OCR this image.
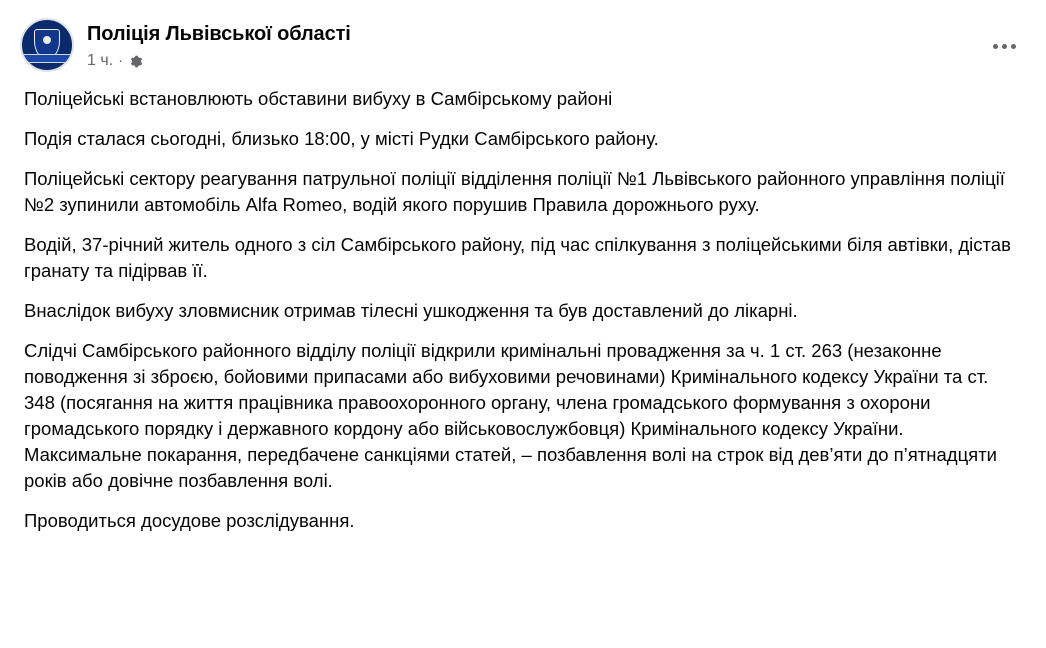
Поліція Львівської області
1 ч. ·

Поліцейські встановлюють обставини вибуху в Самбірському районі

Подія сталася сьогодні, близько 18:00, у місті Рудки Самбірського району.

Поліцейські сектору реагування патрульної поліції відділення поліції №1 Львівського районного управління поліції №2 зупинили автомобіль Alfa Romeo, водій якого порушив Правила дорожнього руху.

Водій, 37-річний житель одного з сіл Самбірського району, під час спілкування з поліцейськими біля автівки, дістав гранату та підірвав її.

Внаслідок вибуху зловмисник отримав тілесні ушкодження та був доставлений до лікарні.

Слідчі Самбірського районного відділу поліції відкрили кримінальні провадження за ч. 1 ст. 263 (незаконне поводження зі зброєю, бойовими припасами або вибуховими речовинами) Кримінального кодексу України та ст. 348 (посягання на життя працівника правоохоронного органу, члена громадського формування з охорони громадського порядку і державного кордону або військовослужбовця) Кримінального кодексу України. Максимальне покарання, передбачене санкціями статей, – позбавлення волі на строк від дев’яти до п’ятнадцяти років або довічне позбавлення волі.

Проводиться досудове розслідування.
